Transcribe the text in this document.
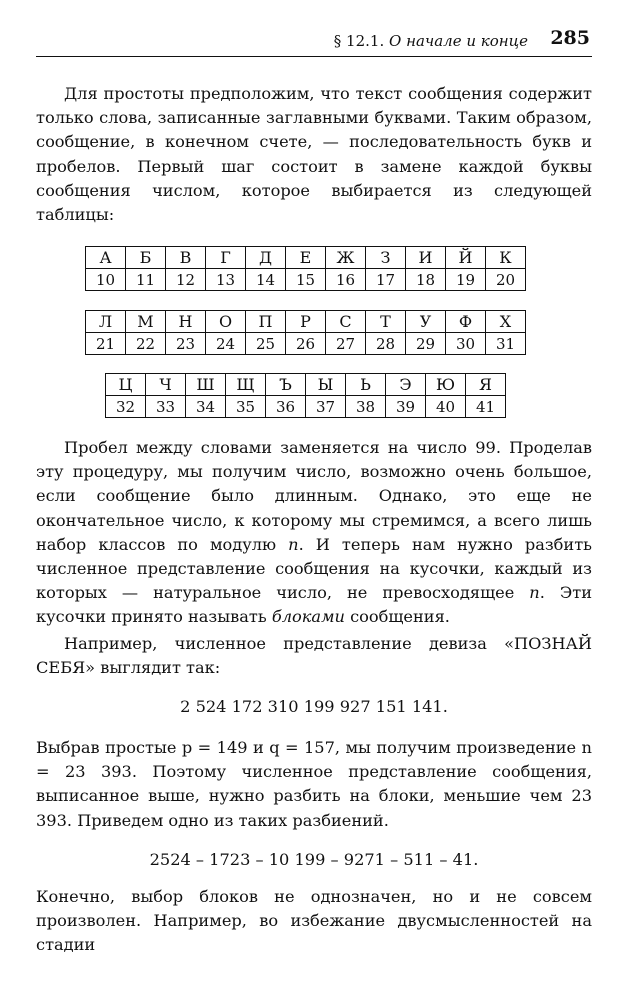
§ 12.1. О начале и конце 285
Для простоты предположим, что текст сообщения содержит только слова, записанные заглавными буквами. Таким образом, сообщение, в конечном счете, — последовательность букв и пробелов. Первый шаг состоит в замене каждой буквы сообщения числом, которое выбирается из следующей таблицы:
А	Б	В	Г	Д	Е	Ж	З	И	Й	К
10	11	12	13	14	15	16	17	18	19	20
Л	М	Н	О	П	Р	С	Т	У	Ф	Х
21	22	23	24	25	26	27	28	29	30	31
Ц	Ч	Ш	Щ	Ъ	Ы	Ь	Э	Ю	Я
32	33	34	35	36	37	38	39	40	41
Пробел между словами заменяется на число 99. Проделав эту процедуру, мы получим число, возможно очень большое, если сообщение было длинным. Однако, это еще не окончательное число, к которому мы стремимся, а всего лишь набор классов по модулю n. И теперь нам нужно разбить численное представление сообщения на кусочки, каждый из которых — натуральное число, не превосходящее n. Эти кусочки принято называть блоками сообщения.
Например, численное представление девиза «ПОЗНАЙ СЕБЯ» выглядит так:
2 524 172 310 199 927 151 141.
Выбрав простые p = 149 и q = 157, мы получим произведение n = 23 393. Поэтому численное представление сообщения, выписанное выше, нужно разбить на блоки, меньшие чем 23 393. Приведем одно из таких разбиений.
2524 – 1723 – 10 199 – 9271 – 511 – 41.
Конечно, выбор блоков не однозначен, но и не совсем произволен. Например, во избежание двусмысленностей на стадии
